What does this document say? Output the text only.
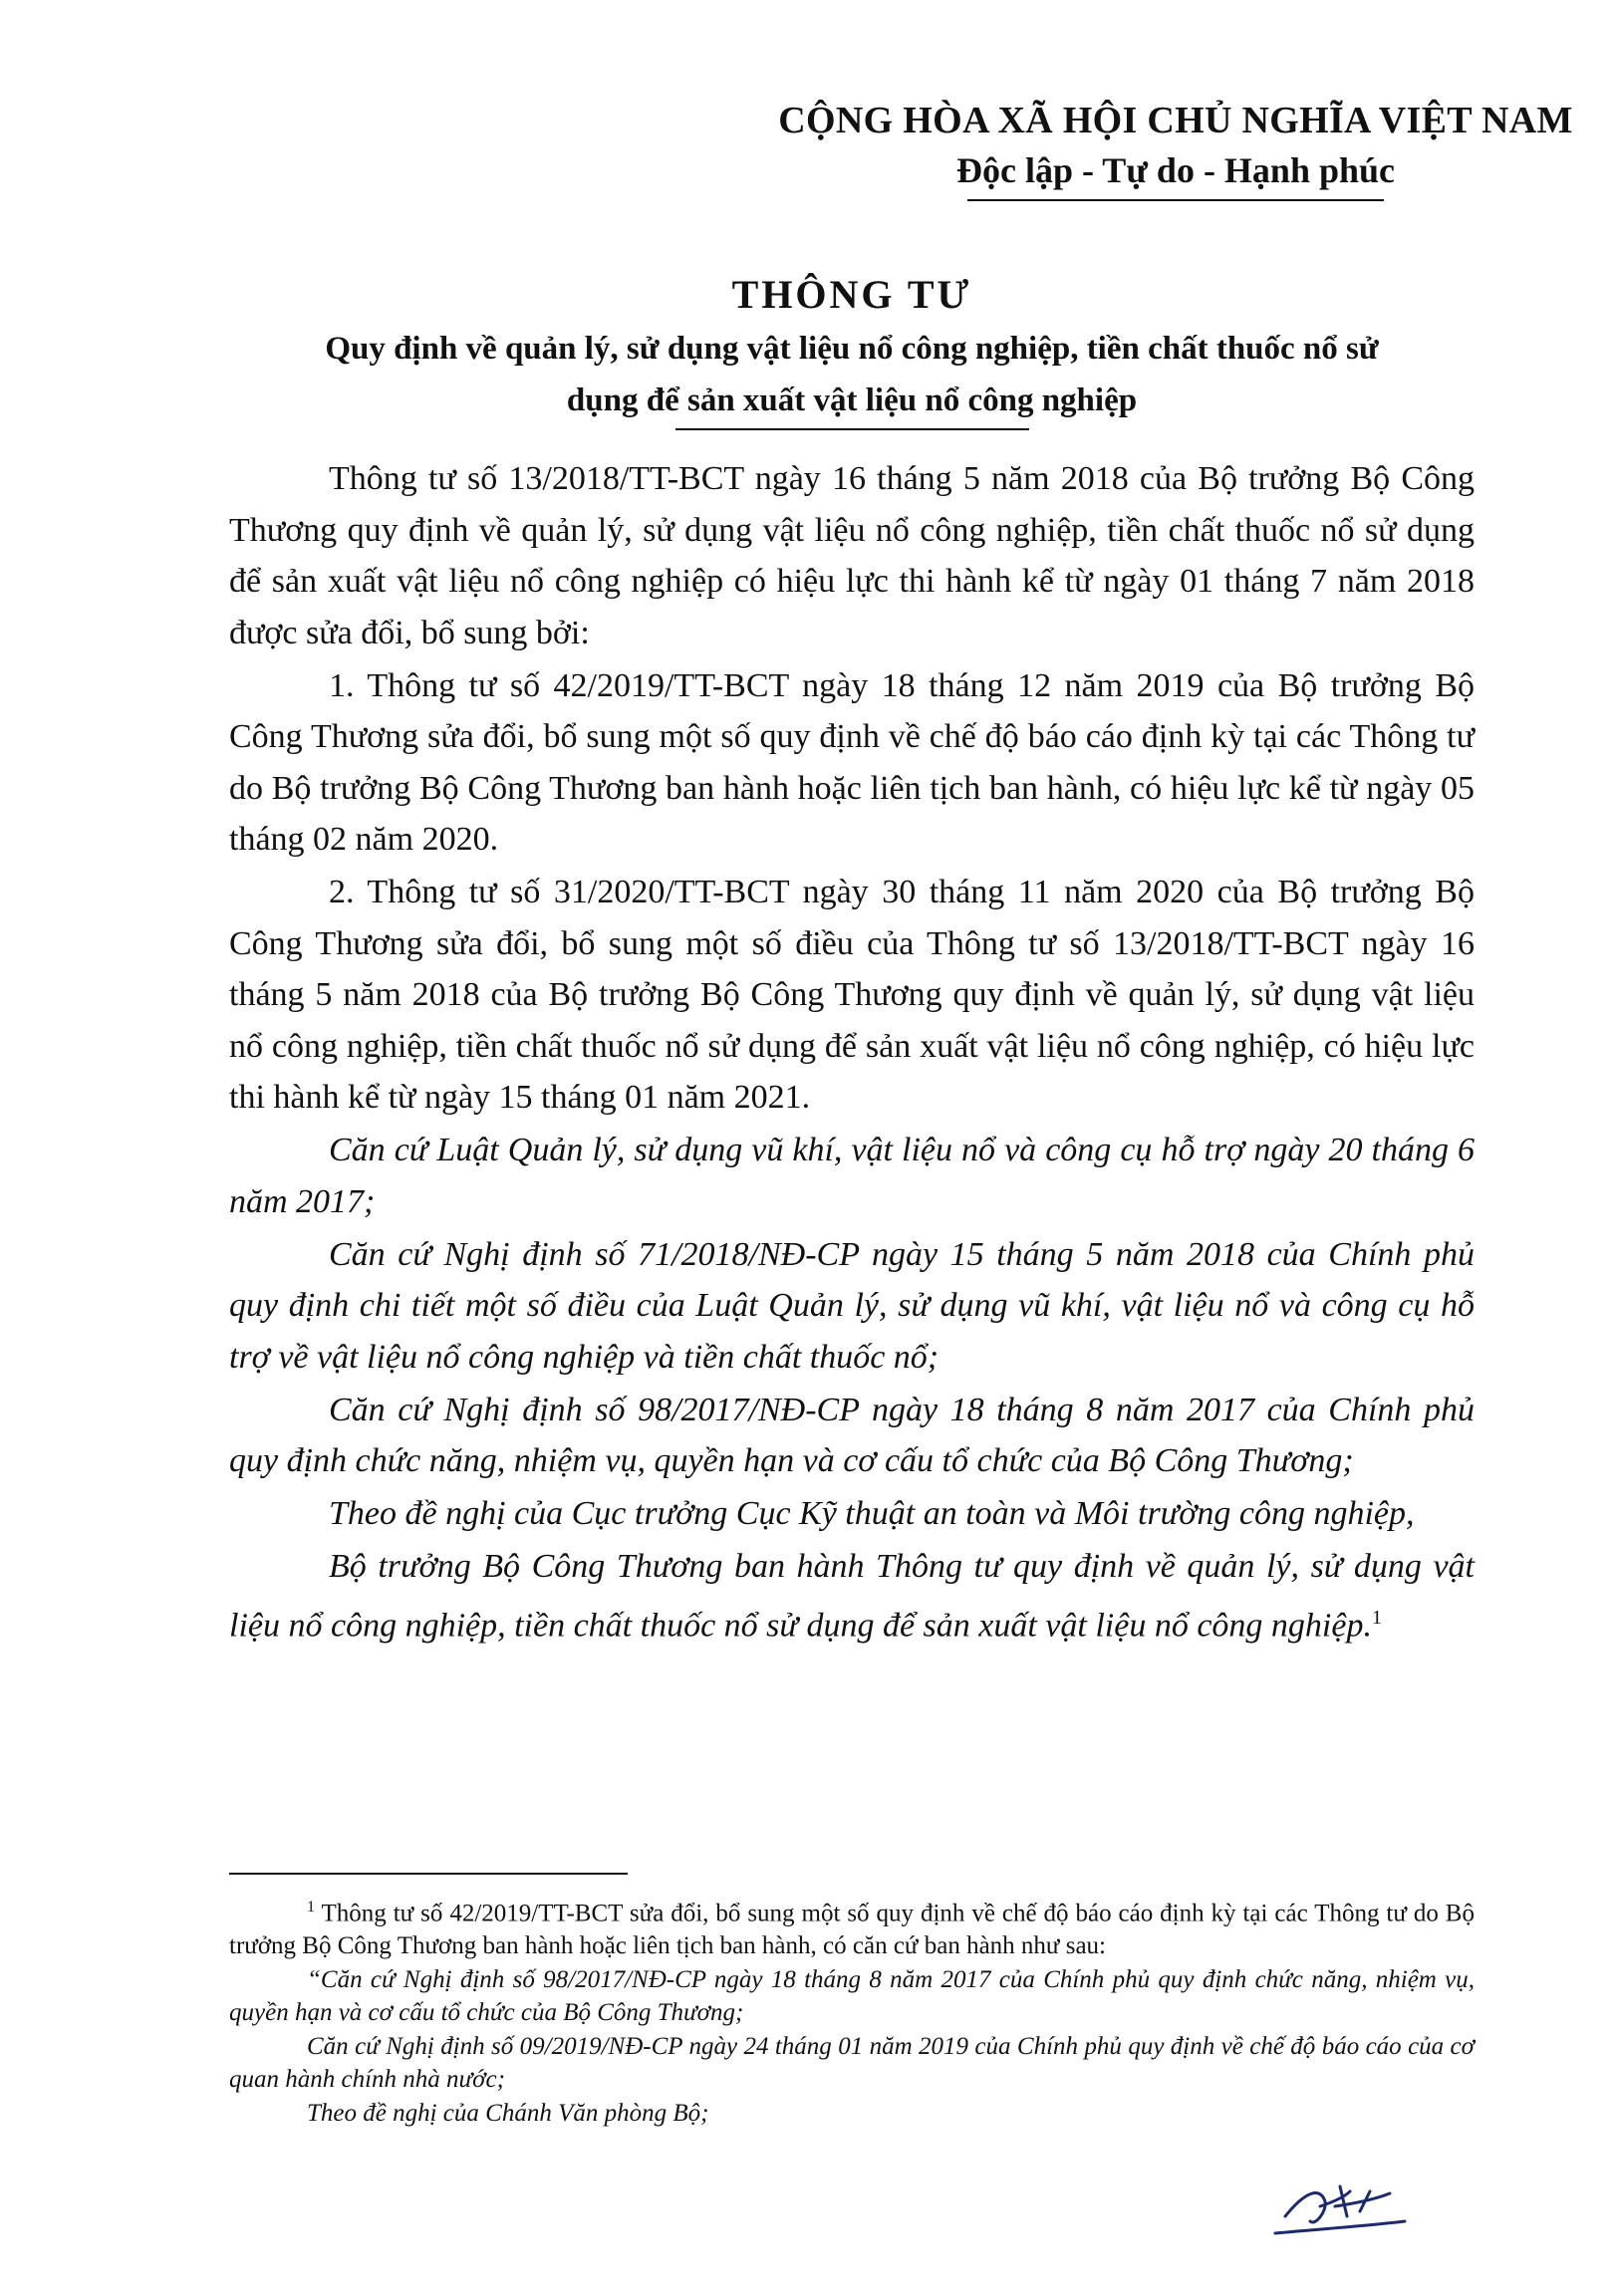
CỘNG HÒA XÃ HỘI CHỦ NGHĨA VIỆT NAM
Độc lập - Tự do - Hạnh phúc
THÔNG TƯ
Quy định về quản lý, sử dụng vật liệu nổ công nghiệp, tiền chất thuốc nổ sử
dụng để sản xuất vật liệu nổ công nghiệp

Thông tư số 13/2018/TT-BCT ngày 16 tháng 5 năm 2018 của Bộ trưởng Bộ Công Thương quy định về quản lý, sử dụng vật liệu nổ công nghiệp, tiền chất thuốc nổ sử dụng để sản xuất vật liệu nổ công nghiệp có hiệu lực thi hành kể từ ngày 01 tháng 7 năm 2018 được sửa đổi, bổ sung bởi:

1. Thông tư số 42/2019/TT-BCT ngày 18 tháng 12 năm 2019 của Bộ trưởng Bộ Công Thương sửa đổi, bổ sung một số quy định về chế độ báo cáo định kỳ tại các Thông tư do Bộ trưởng Bộ Công Thương ban hành hoặc liên tịch ban hành, có hiệu lực kể từ ngày 05 tháng 02 năm 2020.

2. Thông tư số 31/2020/TT-BCT ngày 30 tháng 11 năm 2020 của Bộ trưởng Bộ Công Thương sửa đổi, bổ sung một số điều của Thông tư số 13/2018/TT-BCT ngày 16 tháng 5 năm 2018 của Bộ trưởng Bộ Công Thương quy định về quản lý, sử dụng vật liệu nổ công nghiệp, tiền chất thuốc nổ sử dụng để sản xuất vật liệu nổ công nghiệp, có hiệu lực thi hành kể từ ngày 15 tháng 01 năm 2021.

Căn cứ Luật Quản lý, sử dụng vũ khí, vật liệu nổ và công cụ hỗ trợ ngày 20 tháng 6 năm 2017;

Căn cứ Nghị định số 71/2018/NĐ-CP ngày 15 tháng 5 năm 2018 của Chính phủ quy định chi tiết một số điều của Luật Quản lý, sử dụng vũ khí, vật liệu nổ và công cụ hỗ trợ về vật liệu nổ công nghiệp và tiền chất thuốc nổ;

Căn cứ Nghị định số 98/2017/NĐ-CP ngày 18 tháng 8 năm 2017 của Chính phủ quy định chức năng, nhiệm vụ, quyền hạn và cơ cấu tổ chức của Bộ Công Thương;

Theo đề nghị của Cục trưởng Cục Kỹ thuật an toàn và Môi trường công nghiệp,

Bộ trưởng Bộ Công Thương ban hành Thông tư quy định về quản lý, sử dụng vật liệu nổ công nghiệp, tiền chất thuốc nổ sử dụng để sản xuất vật liệu nổ công nghiệp.$^1$

$^1$ Thông tư số 42/2019/TT-BCT sửa đổi, bổ sung một số quy định về chế độ báo cáo định kỳ tại các Thông tư do Bộ trưởng Bộ Công Thương ban hành hoặc liên tịch ban hành, có căn cứ ban hành như sau:

“Căn cứ Nghị định số 98/2017/NĐ-CP ngày 18 tháng 8 năm 2017 của Chính phủ quy định chức năng, nhiệm vụ, quyền hạn và cơ cấu tổ chức của Bộ Công Thương;

Căn cứ Nghị định số 09/2019/NĐ-CP ngày 24 tháng 01 năm 2019 của Chính phủ quy định về chế độ báo cáo của cơ quan hành chính nhà nước;

Theo đề nghị của Chánh Văn phòng Bộ;
